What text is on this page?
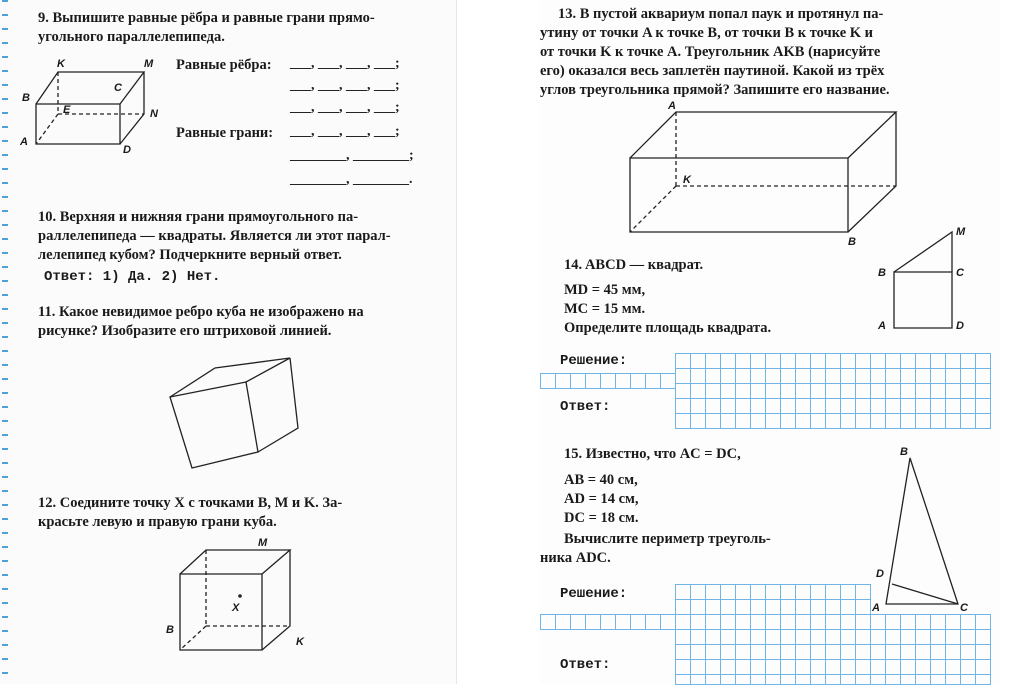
9. Выпишите равные рёбра и равные грани прямо-
угольного параллелепипеда.
K	M
B
C
E	N
A
D
Равные рёбра: ___, ___, ___, ___;
___, ___, ___, ___;
___, ___, ___, ___;
Равные грани: ___, ___, ___, ___;
________, ________;
________, ________.
10. Верхняя и нижняя грани прямоугольного па-
раллелепипеда — квадраты. Является ли этот парал-
лелепипед кубом? Подчеркните верный ответ.
Ответ: 1) Да. 2) Нет.
11. Какое невидимое ребро куба не изображено на
рисунке? Изобразите его штриховой линией.
12. Соедините точку X с точками B, M и K. За-
красьте левую и правую грани куба.
M
X
B
K
13. В пустой аквариум попал паук и протянул па-
утину от точки A к точке B, от точки B к точке K и
от точки K к точке A. Треугольник AKB (нарисуйте
его) оказался весь заплетён паутиной. Какой из трёх
углов треугольника прямой? Запишите его название.
A
K
B
14. ABCD — квадрат.
MD = 45 мм,
MC = 15 мм.
Определите площадь квадрата.
M
B	C
A	D
Решение:
Ответ:
15. Известно, что AC = DC,
AB = 40 см,
AD = 14 см,
DC = 18 см.
Вычислите периметр треуголь-
ника ADC.
B
D
A	C
Решение:
Ответ:
